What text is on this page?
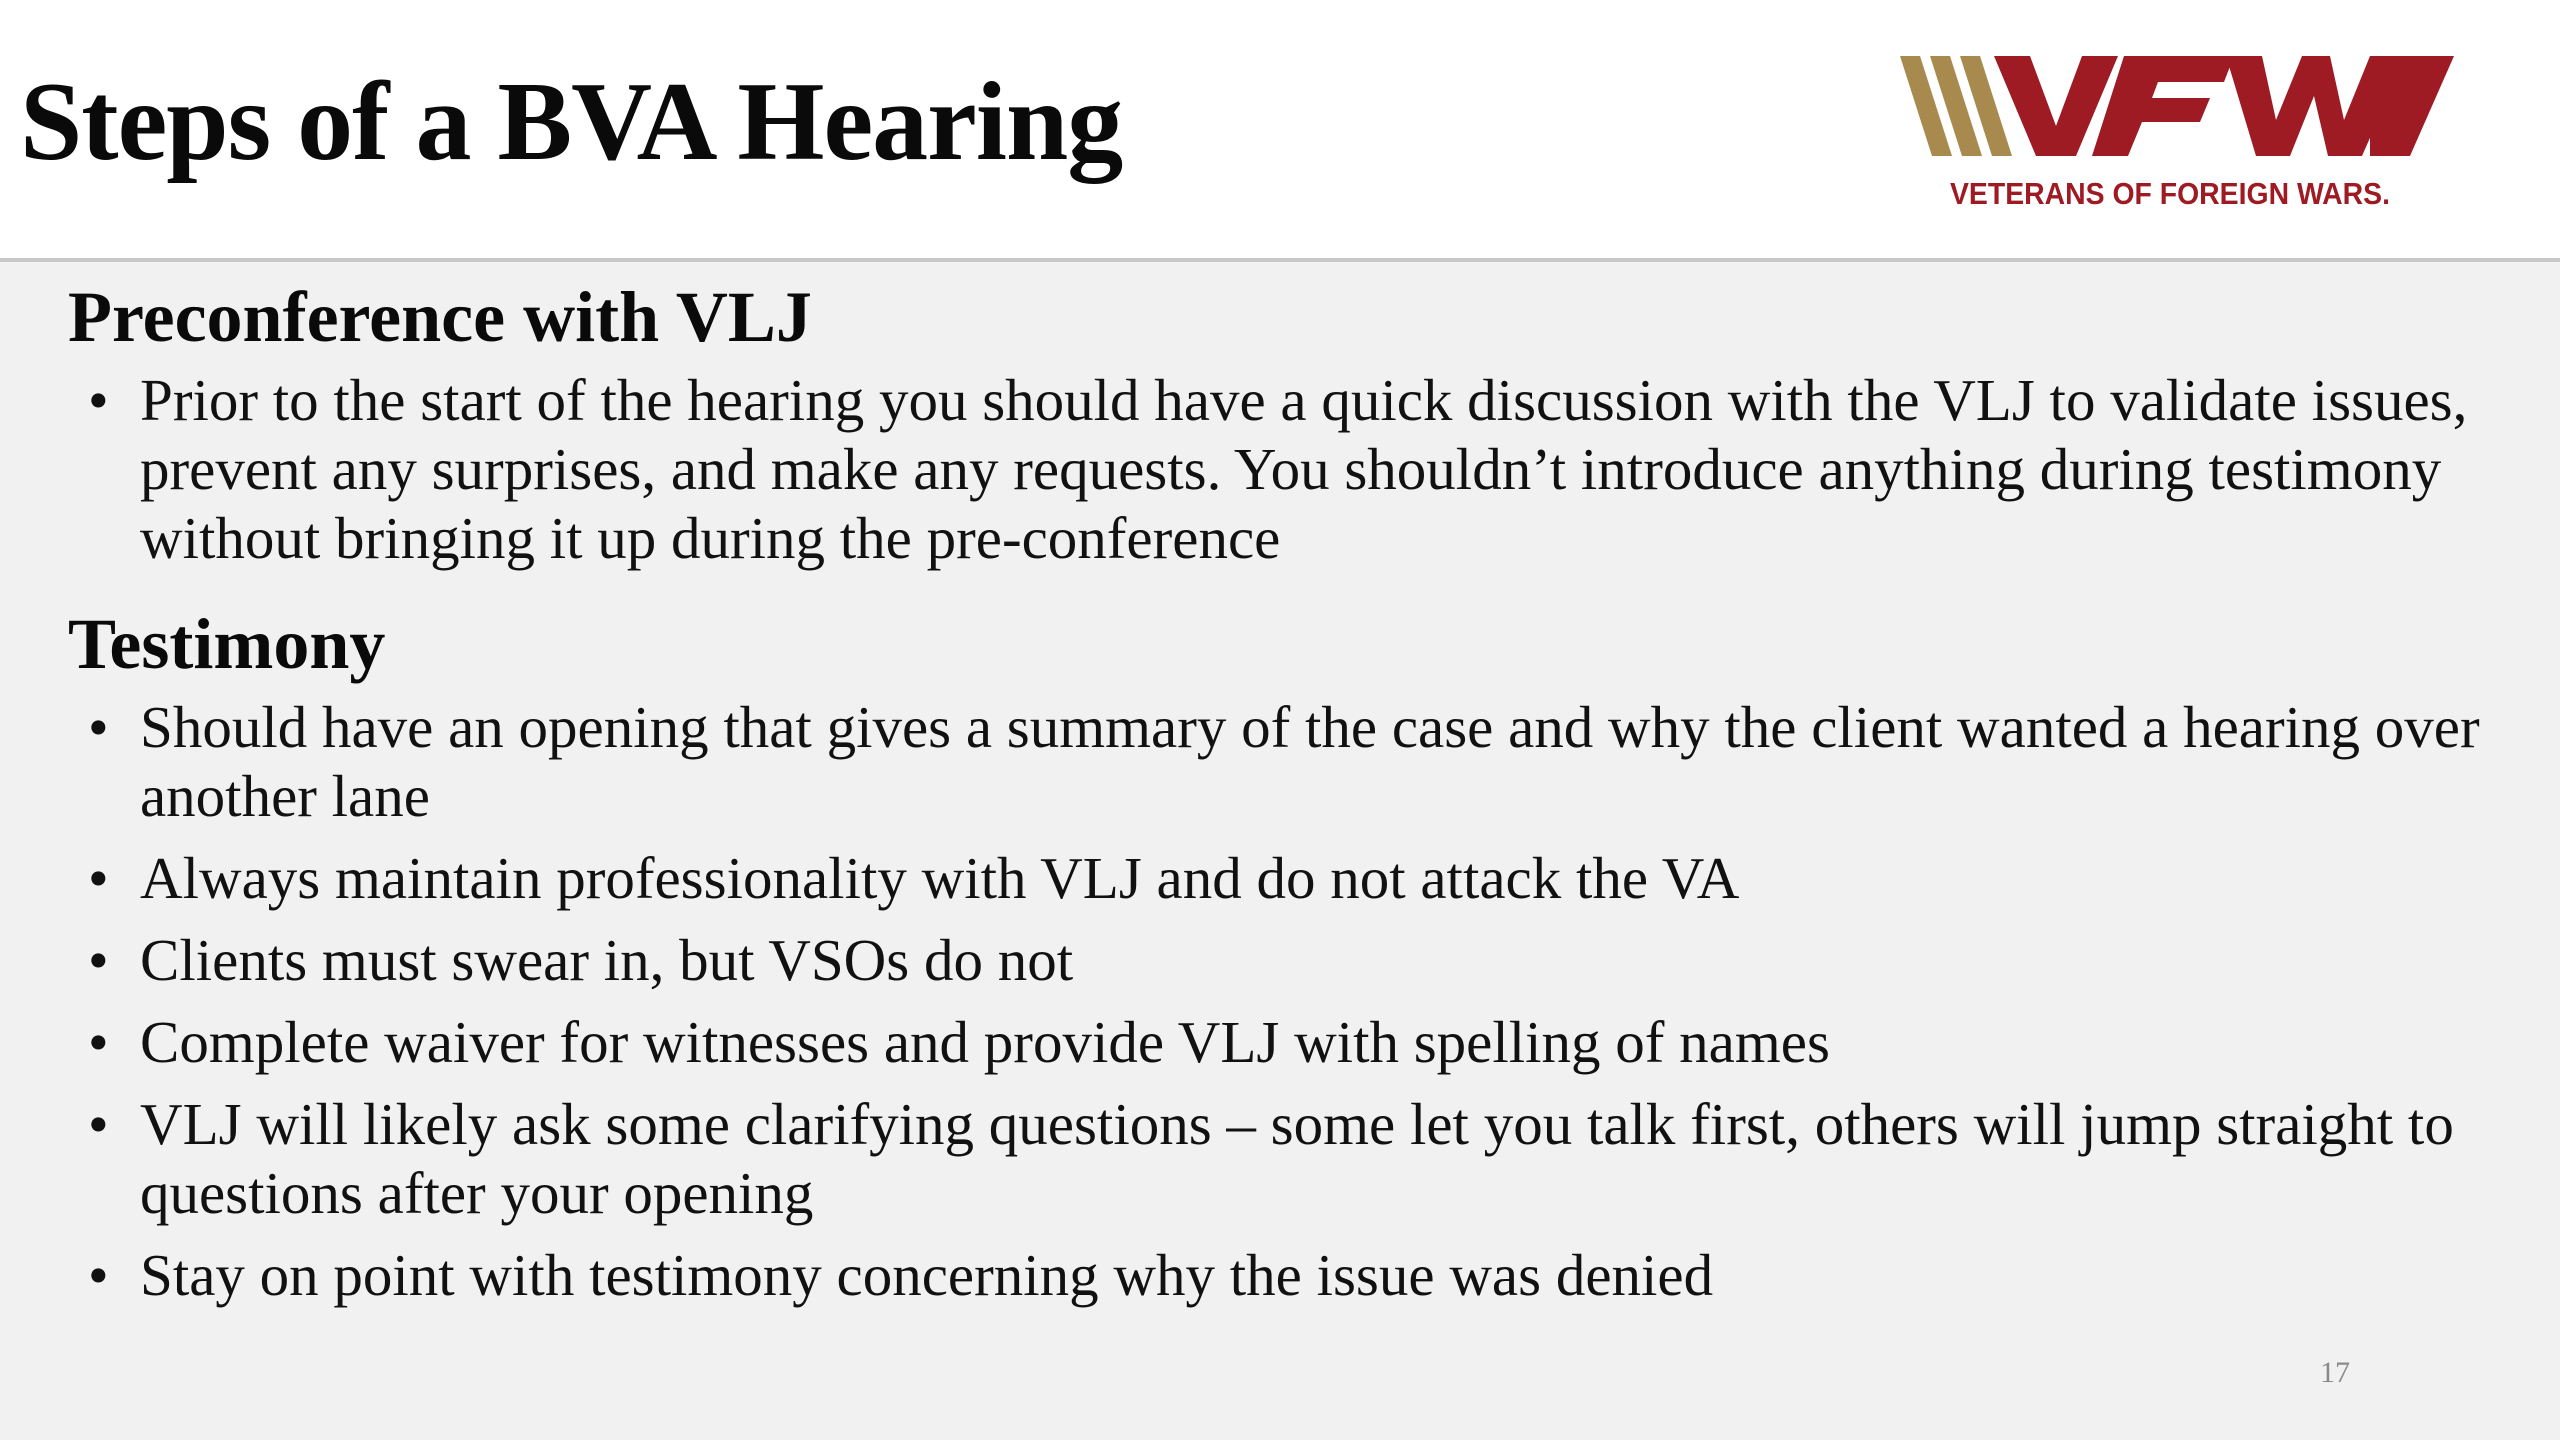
Steps of a BVA Hearing
VETERANS OF FOREIGN WARS.
Preconference with VLJ
• Prior to the start of the hearing you should have a quick discussion with the VLJ to validate issues, prevent any surprises, and make any requests. You shouldn’t introduce anything during testimony without bringing it up during the pre-conference
Testimony
• Should have an opening that gives a summary of the case and why the client wanted a hearing over another lane
• Always maintain professionality with VLJ and do not attack the VA
• Clients must swear in, but VSOs do not
• Complete waiver for witnesses and provide VLJ with spelling of names
• VLJ will likely ask some clarifying questions – some let you talk first, others will jump straight to questions after your opening
• Stay on point with testimony concerning why the issue was denied
17
